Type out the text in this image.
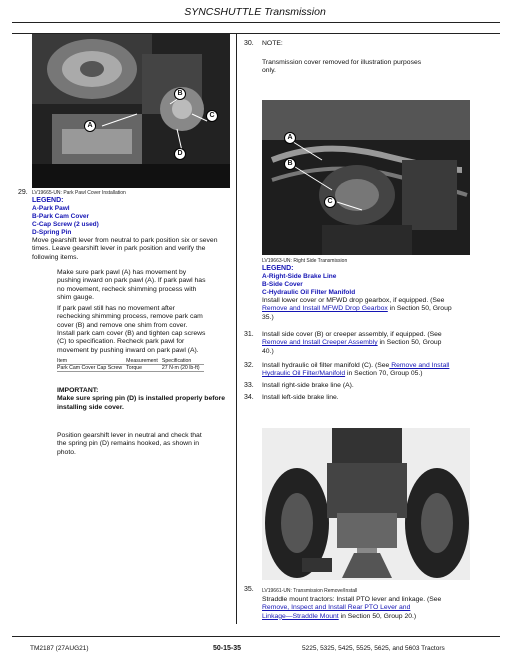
SYNCSHUTTLE Transmission
A
B
C
D
29. LV19665-UN: Park Pawl Cover Installation
LEGEND:
A-Park Pawl
B-Park Cam Cover
C-Cap Screw (2 used)
D-Spring Pin
Move gearshift lever from neutral to park position six or seven
times. Leave gearshift lever in park position and verify the
following items.
Make sure park pawl (A) has movement by
pushing inward on park pawl (A). If park pawl has
no movement, recheck shimming process with
shim gauge.
If park pawl still has no movement after
rechecking shimming process, remove park cam
cover (B) and remove one shim from cover.
Install park cam cover (B) and tighten cap screws
(C) to specification. Recheck park pawl for
movement by pushing inward on park pawl (A).
Item	Measurement	Specification
Park Cam Cover Cap Screw	Torque	27 N·m (20 lb-ft)
IMPORTANT:
Make sure spring pin (D) is installed properly before
installing side cover.
Position gearshift lever in neutral and check that
the spring pin (D) remains hooked, as shown in
photo.
30. NOTE:
Transmission cover removed for illustration purposes
only.
A
B
C
LV19663-UN: Right Side Transmission
LEGEND:
A-Right-Side Brake Line
B-Side Cover
C-Hydraulic Oil Filter Manifold
Install lower cover or MFWD drop gearbox, if equipped. (See
Remove and Install MFWD Drop Gearbox in Section 50, Group
35.)
31. Install side cover (B) or creeper assembly, if equipped. (See
Remove and Install Creeper Assembly in Section 50, Group
40.)
32. Install hydraulic oil filter manifold (C). (See Remove and Install
Hydraulic Oil Filter/Manifold in Section 70, Group 05.)
33. Install right-side brake line (A).
34. Install left-side brake line.
35. LV19661-UN: Transmission Remove/Install
Straddle mount tractors: Install PTO lever and linkage. (See
Remove, Inspect and Install Rear PTO Lever and
Linkage—Straddle Mount in Section 50, Group 20.)
TM2187 (27AUG21)	50-15-35	5225, 5325, 5425, 5525, 5625, and 5603 Tractors
